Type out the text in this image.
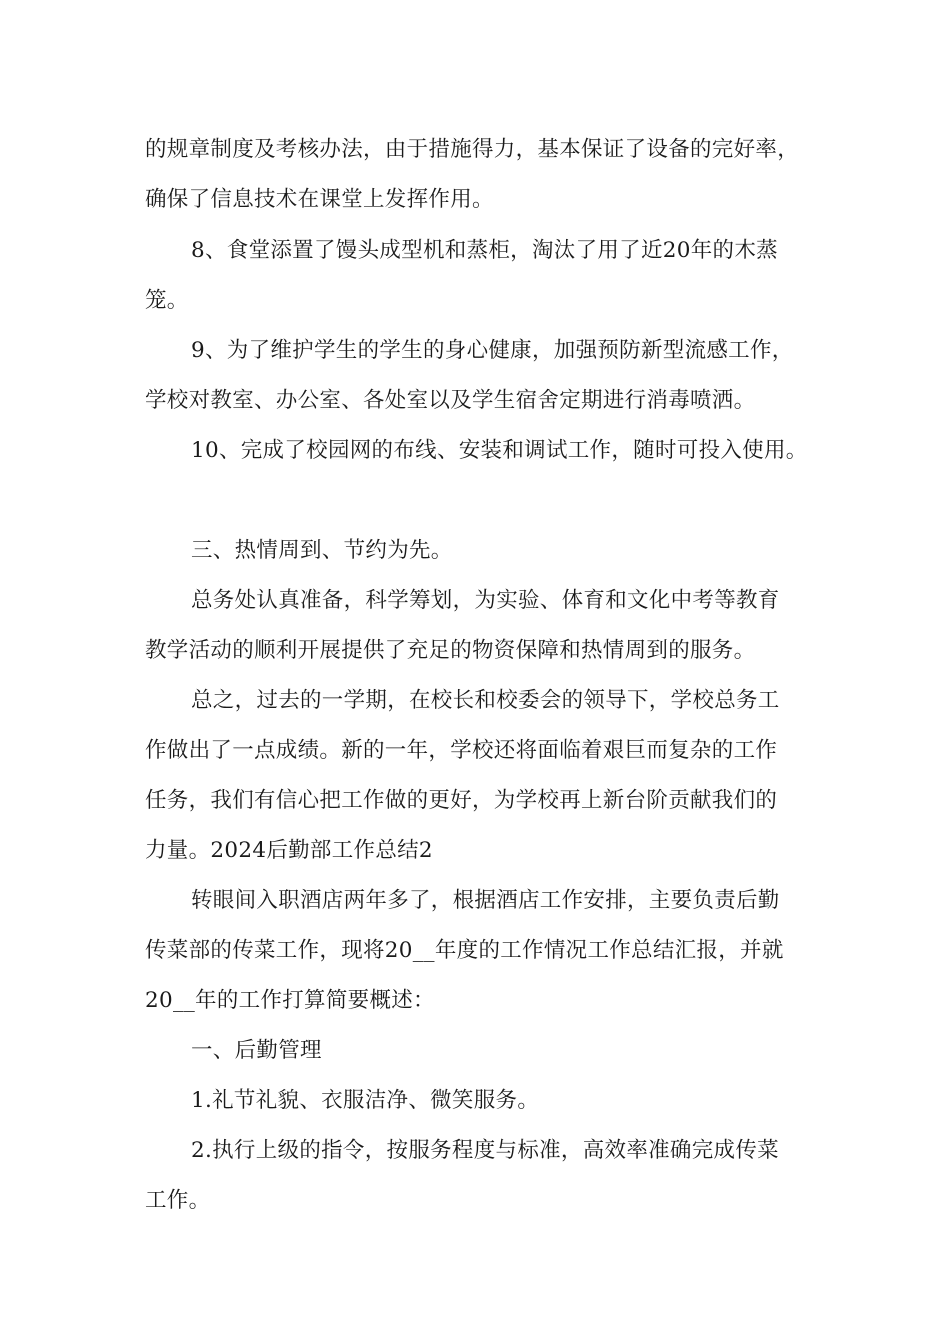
的规章制度及考核办法，由于措施得力，基本保证了设备的完好率，

确保了信息技术在课堂上发挥作用。

8、食堂添置了馒头成型机和蒸柜，淘汰了用了近20年的木蒸

笼。

9、为了维护学生的学生的身心健康，加强预防新型流感工作，

学校对教室、办公室、各处室以及学生宿舍定期进行消毒喷洒。

10、完成了校园网的布线、安装和调试工作，随时可投入使用。

三、热情周到、节约为先。

总务处认真准备，科学筹划，为实验、体育和文化中考等教育

教学活动的顺利开展提供了充足的物资保障和热情周到的服务。

总之，过去的一学期，在校长和校委会的领导下，学校总务工

作做出了一点成绩。新的一年，学校还将面临着艰巨而复杂的工作

任务，我们有信心把工作做的更好，为学校再上新台阶贡献我们的

力量。2024后勤部工作总结2

转眼间入职酒店两年多了，根据酒店工作安排，主要负责后勤

传菜部的传菜工作，现将20__年度的工作情况工作总结汇报，并就

20__年的工作打算简要概述：

一、后勤管理

1.礼节礼貌、衣服洁净、微笑服务。

2.执行上级的指令，按服务程度与标准，高效率准确完成传菜

工作。
